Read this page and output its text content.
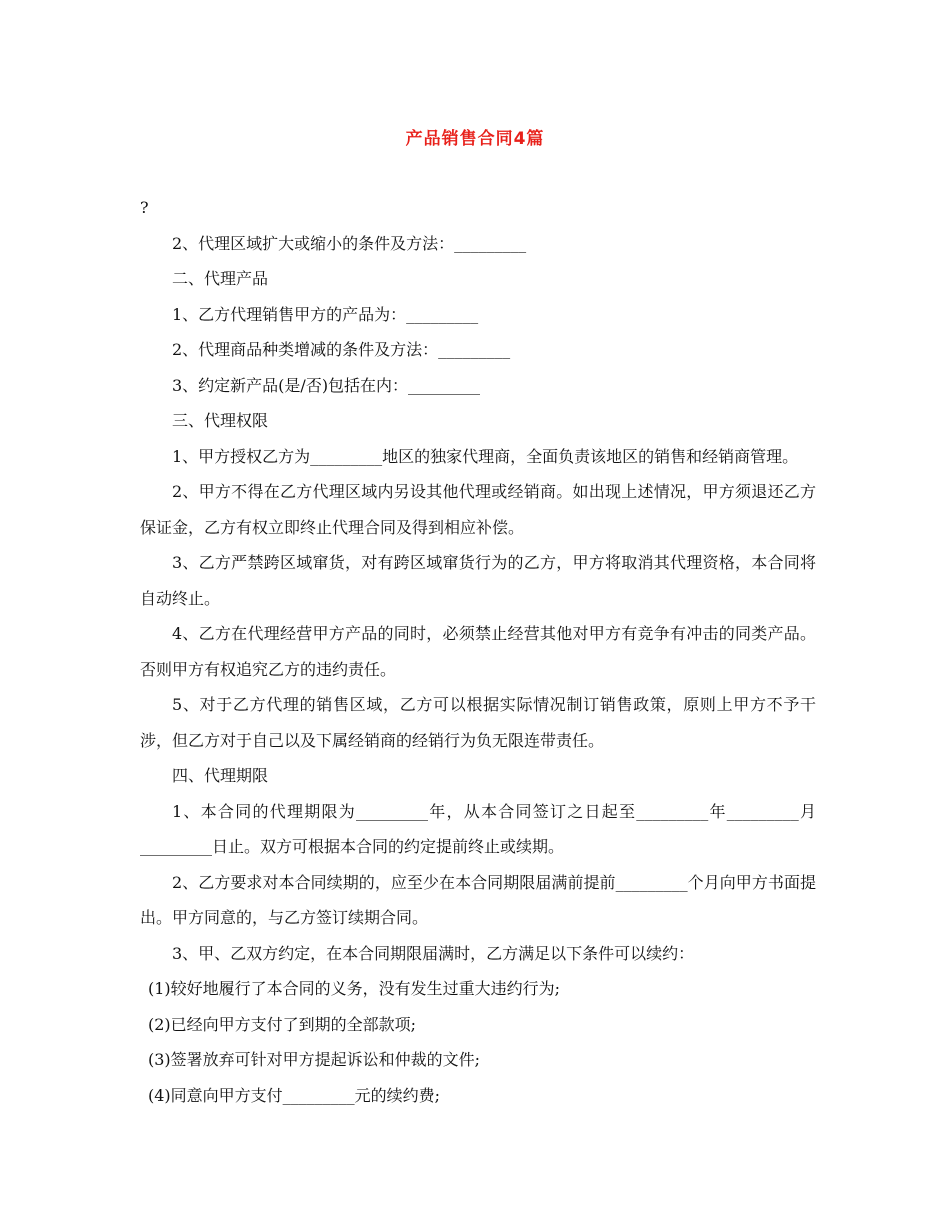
产品销售合同4篇

?

2、代理区域扩大或缩小的条件及方法：_________

二、代理产品

1、乙方代理销售甲方的产品为：_________

2、代理商品种类增减的条件及方法：_________

3、约定新产品(是/否)包括在内：_________

三、代理权限

1、甲方授权乙方为_________地区的独家代理商，全面负责该地区的销售和经销商管理。

2、甲方不得在乙方代理区域内另设其他代理或经销商。如出现上述情况，甲方须退还乙方保证金，乙方有权立即终止代理合同及得到相应补偿。

3、乙方严禁跨区域窜货，对有跨区域窜货行为的乙方，甲方将取消其代理资格，本合同将自动终止。

4、乙方在代理经营甲方产品的同时，必须禁止经营其他对甲方有竞争有冲击的同类产品。否则甲方有权追究乙方的违约责任。

5、对于乙方代理的销售区域，乙方可以根据实际情况制订销售政策，原则上甲方不予干涉，但乙方对于自己以及下属经销商的经销行为负无限连带责任。

四、代理期限

1、本合同的代理期限为_________年，从本合同签订之日起至_________年_________月_________日止。双方可根据本合同的约定提前终止或续期。

2、乙方要求对本合同续期的，应至少在本合同期限届满前提前_________个月向甲方书面提出。甲方同意的，与乙方签订续期合同。

3、甲、乙双方约定，在本合同期限届满时，乙方满足以下条件可以续约：

(1)较好地履行了本合同的义务，没有发生过重大违约行为;

(2)已经向甲方支付了到期的全部款项;

(3)签署放弃可针对甲方提起诉讼和仲裁的文件;

(4)同意向甲方支付_________元的续约费;
